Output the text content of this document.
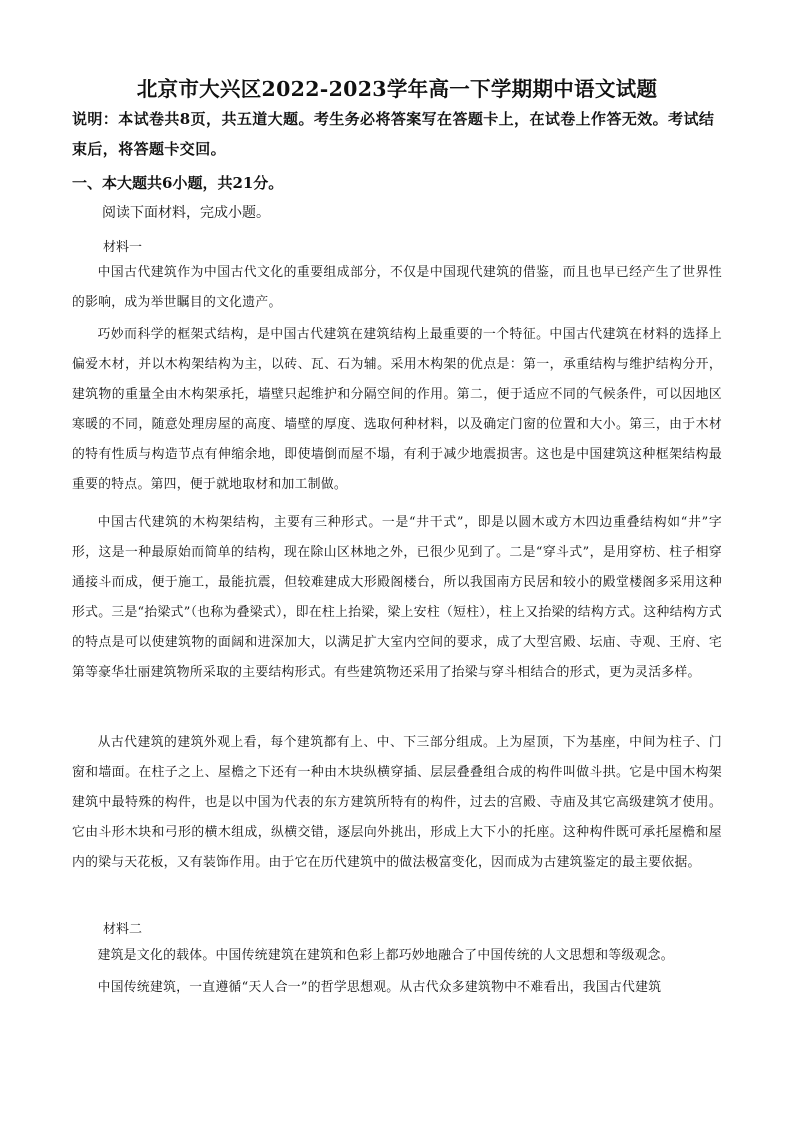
北京市大兴区2022-2023学年高一下学期期中语文试题
说明：本试卷共8页，共五道大题。考生务必将答案写在答题卡上，在试卷上作答无效。考试结束后，将答题卡交回。
一、本大题共6小题，共21分。
阅读下面材料，完成小题。
材料一
中国古代建筑作为中国古代文化的重要组成部分，不仅是中国现代建筑的借鉴，而且也早已经产生了世界性的影响，成为举世瞩目的文化遗产。
巧妙而科学的框架式结构，是中国古代建筑在建筑结构上最重要的一个特征。中国古代建筑在材料的选择上偏爱木材，并以木构架结构为主，以砖、瓦、石为辅。采用木构架的优点是：第一，承重结构与维护结构分开，建筑物的重量全由木构架承托，墙壁只起维护和分隔空间的作用。第二，便于适应不同的气候条件，可以因地区寒暖的不同，随意处理房屋的高度、墙壁的厚度、选取何种材料，以及确定门窗的位置和大小。第三，由于木材的特有性质与构造节点有伸缩余地，即使墙倒而屋不塌，有利于减少地震损害。这也是中国建筑这种框架结构最重要的特点。第四，便于就地取材和加工制做。
中国古代建筑的木构架结构，主要有三种形式。一是“井干式”，即是以圆木或方木四边重叠结构如“井”字形，这是一种最原始而简单的结构，现在除山区林地之外，已很少见到了。二是“穿斗式”，是用穿枋、柱子相穿通接斗而成，便于施工，最能抗震，但较难建成大形殿阁楼台，所以我国南方民居和较小的殿堂楼阁多采用这种形式。三是“抬梁式”（也称为叠梁式），即在柱上抬梁，梁上安柱（短柱），柱上又抬梁的结构方式。这种结构方式的特点是可以使建筑物的面阔和进深加大，以满足扩大室内空间的要求，成了大型宫殿、坛庙、寺观、王府、宅第等豪华壮丽建筑物所采取的主要结构形式。有些建筑物还采用了抬梁与穿斗相结合的形式，更为灵活多样。
从古代建筑的建筑外观上看，每个建筑都有上、中、下三部分组成。上为屋顶，下为基座，中间为柱子、门窗和墙面。在柱子之上、屋檐之下还有一种由木块纵横穿插、层层叠叠组合成的构件叫做斗拱。它是中国木构架建筑中最特殊的构件，也是以中国为代表的东方建筑所特有的构件，过去的宫殿、寺庙及其它高级建筑才使用。它由斗形木块和弓形的横木组成，纵横交错，逐层向外挑出，形成上大下小的托座。这种构件既可承托屋檐和屋内的梁与天花板，又有装饰作用。由于它在历代建筑中的做法极富变化，因而成为古建筑鉴定的最主要依据。
材料二
建筑是文化的载体。中国传统建筑在建筑和色彩上都巧妙地融合了中国传统的人文思想和等级观念。
中国传统建筑，一直遵循“天人合一”的哲学思想观。从古代众多建筑物中不难看出，我国古代建筑
